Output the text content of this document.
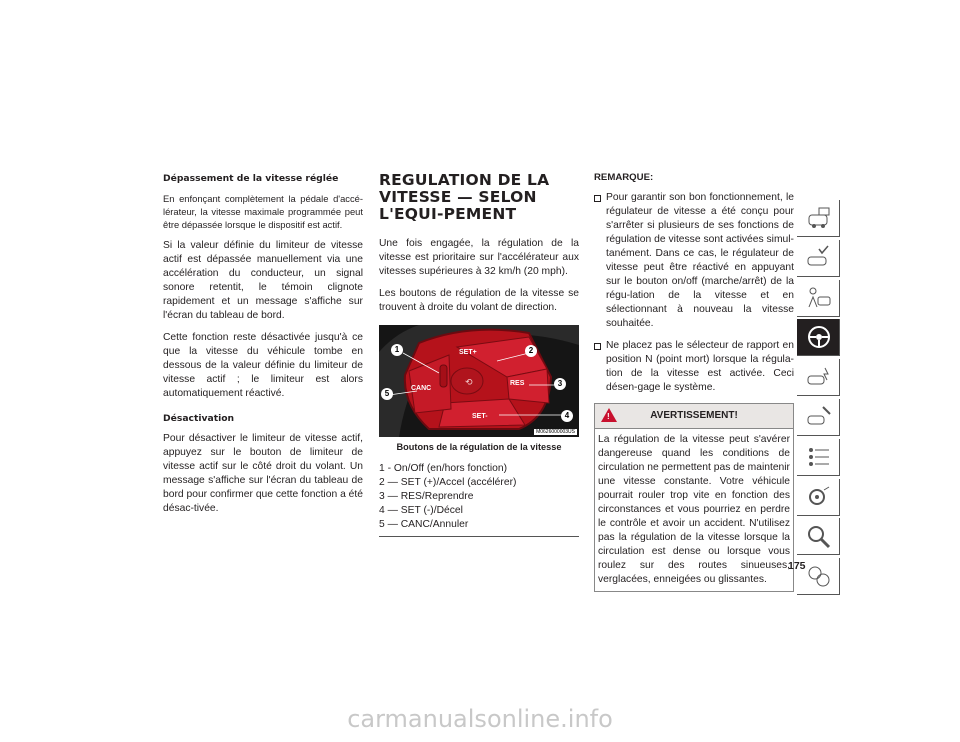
Dépassement de la vitesse réglée

En enfonçant complètement la pédale d'accé-lérateur, la vitesse maximale programmée peut être dépassée lorsque le dispositif est actif.

Si la valeur définie du limiteur de vitesse actif est dépassée manuellement via une accélération du conducteur, un signal sonore retentit, le témoin clignote rapidement et un message s'affiche sur l'écran du tableau de bord.

Cette fonction reste désactivée jusqu'à ce que la vitesse du véhicule tombe en dessous de la valeur définie du limiteur de vitesse actif ; le limiteur est alors automatiquement réactivé.

Désactivation

Pour désactiver le limiteur de vitesse actif, appuyez sur le bouton de limiteur de vitesse actif sur le côté droit du volant. Un message s'affiche sur l'écran du tableau de bord pour confirmer que cette fonction a été désac-tivée.

REGULATION DE LA VITESSE — SELON L'EQUI-PEMENT

Une fois engagée, la régulation de la vitesse est prioritaire sur l'accélérateur aux vitesses supérieures à 32 km/h (20 mph).

Les boutons de régulation de la vitesse se trouvent à droite du volant de direction.

⟲
SET+
RES
CANC
SET-
1	2
3
4
5
M0626000003US
Boutons de la régulation de la vitesse
1 - On/Off (en/hors fonction)
2 — SET (+)/Accel (accélérer)
3 — RES/Reprendre
4 — SET (-)/Décel
5 — CANC/Annuler
REMARQUE:
Pour garantir son bon fonctionnement, le régulateur de vitesse a été conçu pour s'arrêter si plusieurs de ses fonctions de régulation de vitesse sont activées simul-tanément. Dans ce cas, le régulateur de vitesse peut être réactivé en appuyant sur le bouton on/off (marche/arrêt) de la régu-lation de la vitesse et en sélectionnant à nouveau la vitesse souhaitée.
Ne placez pas le sélecteur de rapport en position N (point mort) lorsque la régula-tion de la vitesse est activée. Ceci désen-gage le système.
!	AVERTISSEMENT!
La régulation de la vitesse peut s'avérer dangereuse quand les conditions de circulation ne permettent pas de maintenir une vitesse constante. Votre véhicule pourrait rouler trop vite en fonction des circonstances et vous pourriez en perdre le contrôle et avoir un accident. N'utilisez pas la régulation de la vitesse lorsque la circulation est dense ou lorsque vous roulez sur des routes sinueuses, verglacées, enneigées ou glissantes.
175
carmanualsonline.info
